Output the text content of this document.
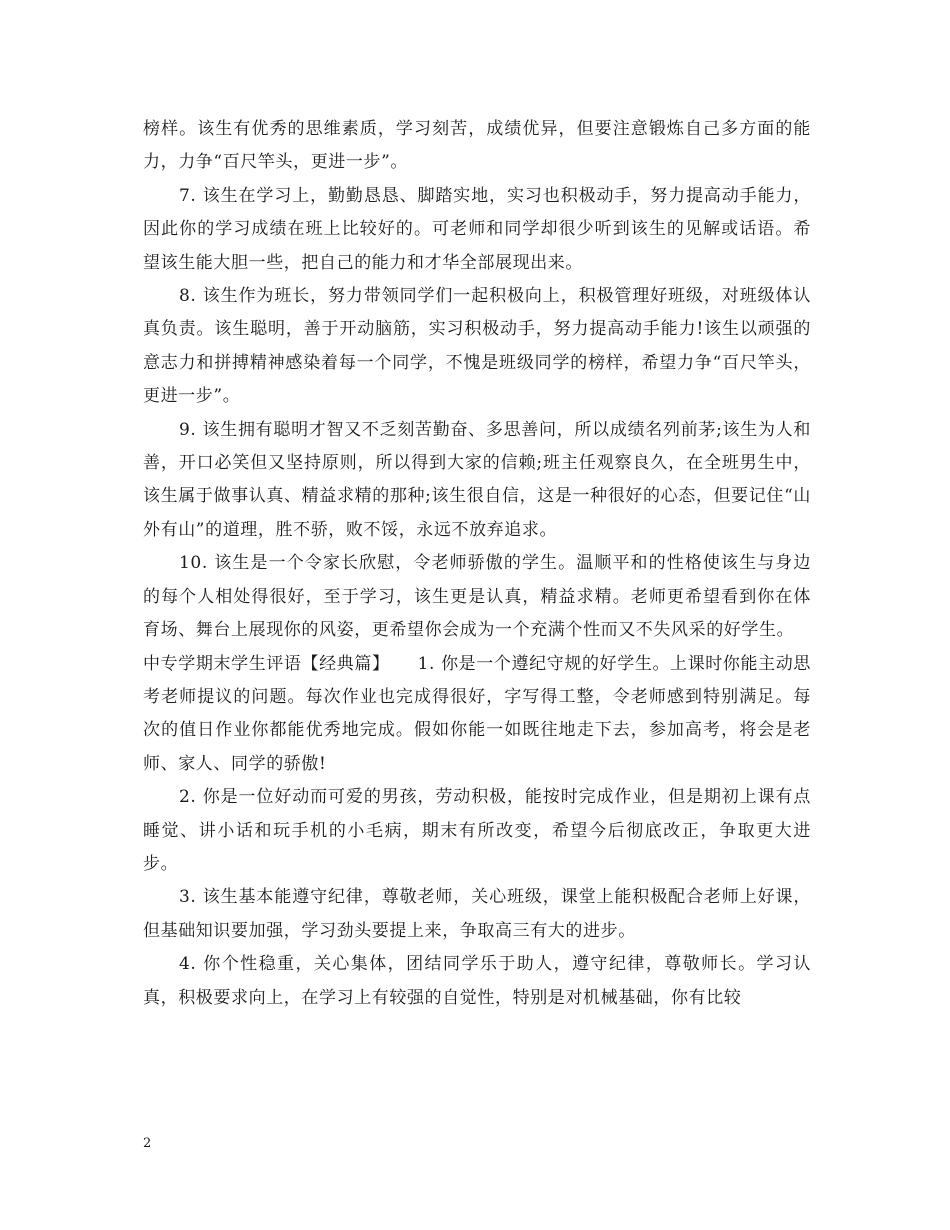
榜样。该生有优秀的思维素质，学习刻苦，成绩优异，但要注意锻炼自己多方面的能力，力争“百尺竿头，更进一步”。

7. 该生在学习上，勤勤恳恳、脚踏实地，实习也积极动手，努力提高动手能力，因此你的学习成绩在班上比较好的。可老师和同学却很少听到该生的见解或话语。希望该生能大胆一些，把自己的能力和才华全部展现出来。

8. 该生作为班长，努力带领同学们一起积极向上，积极管理好班级，对班级体认真负责。该生聪明，善于开动脑筋，实习积极动手，努力提高动手能力!该生以顽强的意志力和拼搏精神感染着每一个同学，不愧是班级同学的榜样，希望力争“百尺竿头，更进一步”。

9. 该生拥有聪明才智又不乏刻苦勤奋、多思善问，所以成绩名列前茅;该生为人和善，开口必笑但又坚持原则，所以得到大家的信赖;班主任观察良久，在全班男生中，该生属于做事认真、精益求精的那种;该生很自信，这是一种很好的心态，但要记住“山外有山”的道理，胜不骄，败不馁，永远不放弃追求。

10. 该生是一个令家长欣慰，令老师骄傲的学生。温顺平和的性格使该生与身边的每个人相处得很好，至于学习，该生更是认真，精益求精。老师更希望看到你在体育场、舞台上展现你的风姿，更希望你会成为一个充满个性而又不失风采的好学生。

中专学期末学生评语【经典篇】 1. 你是一个遵纪守规的好学生。上课时你能主动思考老师提议的问题。每次作业也完成得很好，字写得工整，令老师感到特别满足。每次的值日作业你都能优秀地完成。假如你能一如既往地走下去，参加高考，将会是老师、家人、同学的骄傲!

2. 你是一位好动而可爱的男孩，劳动积极，能按时完成作业，但是期初上课有点睡觉、讲小话和玩手机的小毛病，期末有所改变，希望今后彻底改正，争取更大进步。

3. 该生基本能遵守纪律，尊敬老师，关心班级，课堂上能积极配合老师上好课，但基础知识要加强，学习劲头要提上来，争取高三有大的进步。

4. 你个性稳重，关心集体，团结同学乐于助人，遵守纪律，尊敬师长。学习认真，积极要求向上，在学习上有较强的自觉性，特别是对机械基础，你有比较

2
